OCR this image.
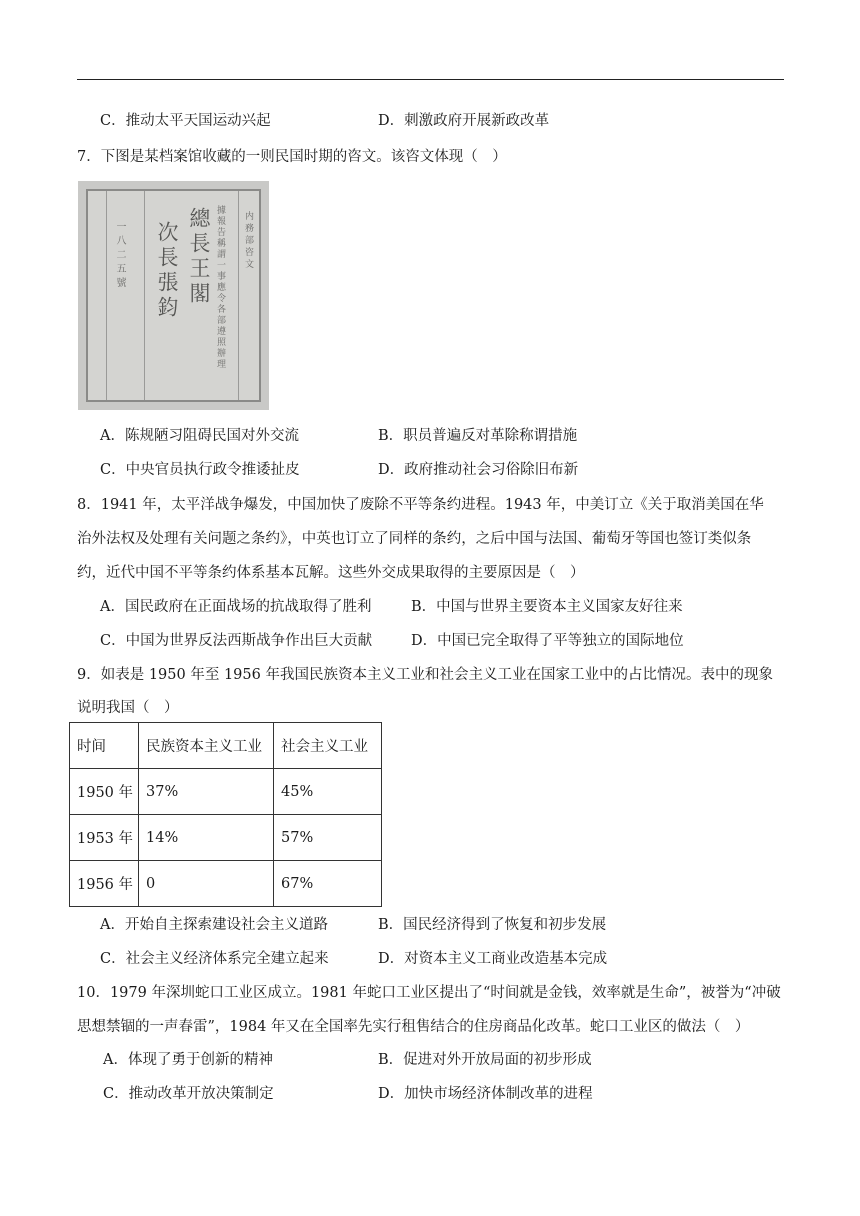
C．推动太平天国运动兴起	D．刺激政府开展新政改革
7．下图是某档案馆收藏的一则民国时期的咨文。该咨文体现（　）
一八二五號	總長王閣
次長張鈞	據報告稱謂一事應令各部遵照辦理 内務部咨文
A．陈规陋习阻碍民国对外交流	B．职员普遍反对革除称谓措施
C．中央官员执行政令推诿扯皮	D．政府推动社会习俗除旧布新
8．1941 年，太平洋战争爆发，中国加快了废除不平等条约进程。1943 年，中美订立《关于取消美国在华
治外法权及处理有关问题之条约》，中英也订立了同样的条约，之后中国与法国、葡萄牙等国也签订类似条
约，近代中国不平等条约体系基本瓦解。这些外交成果取得的主要原因是（　）
A．国民政府在正面战场的抗战取得了胜利	B．中国与世界主要资本主义国家友好往来
C．中国为世界反法西斯战争作出巨大贡献	D．中国已完全取得了平等独立的国际地位
9．如表是 1950 年至 1956 年我国民族资本主义工业和社会主义工业在国家工业中的占比情况。表中的现象
说明我国（　）
时间	民族资本主义工业	社会主义工业
1950 年	37%	45%
1953 年	14%	57%
1956 年	0	67%
A．开始自主探索建设社会主义道路	B．国民经济得到了恢复和初步发展
C．社会主义经济体系完全建立起来	D．对资本主义工商业改造基本完成
10．1979 年深圳蛇口工业区成立。1981 年蛇口工业区提出了“时间就是金钱，效率就是生命”，被誉为“冲破
思想禁锢的一声春雷”，1984 年又在全国率先实行租售结合的住房商品化改革。蛇口工业区的做法（　）
A．体现了勇于创新的精神	B．促进对外开放局面的初步形成
C．推动改革开放决策制定	D．加快市场经济体制改革的进程
